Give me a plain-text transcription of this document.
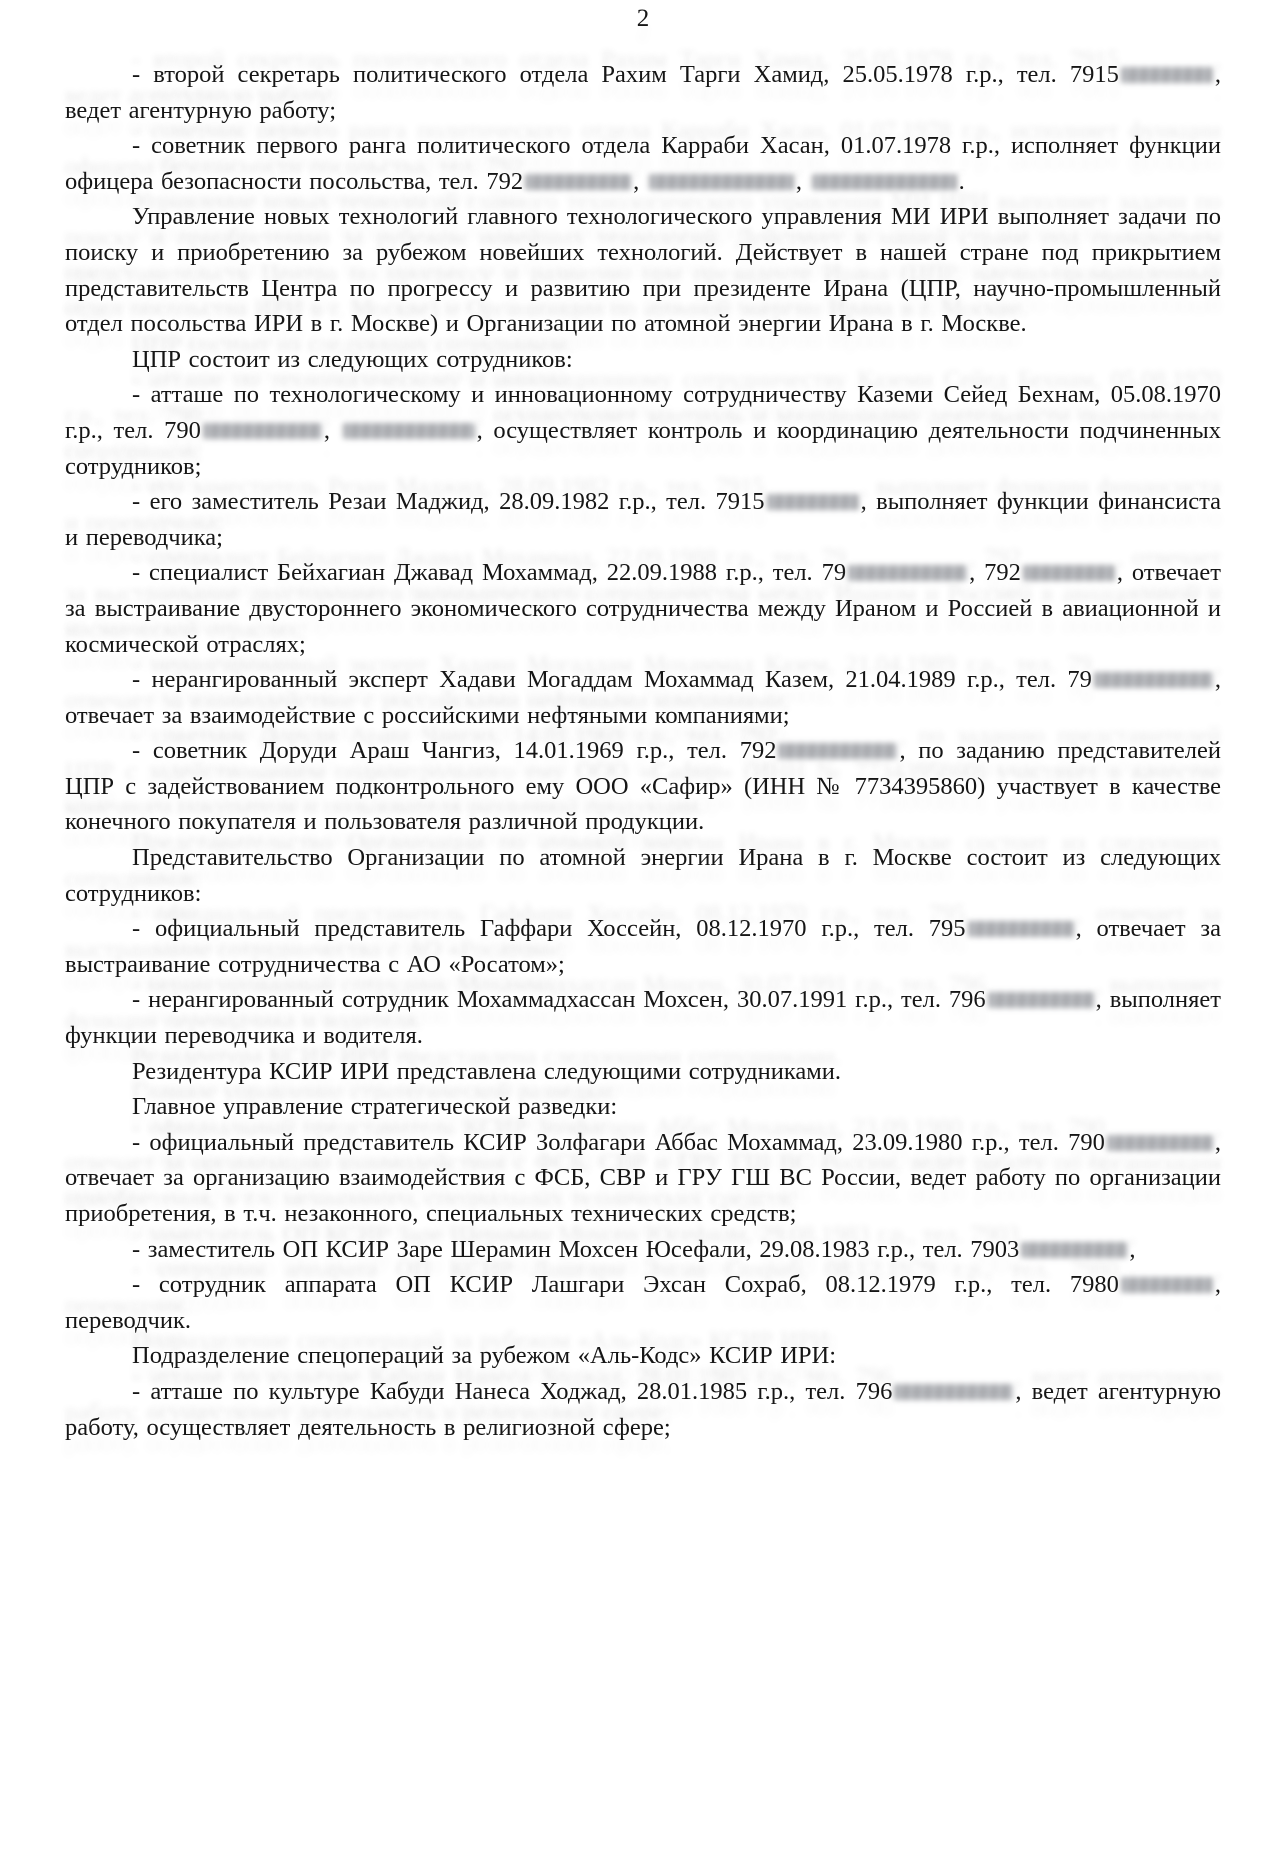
2

- второй секретарь политического отдела Рахим Тарги Хамид, 25.05.1978 г.р., тел. 7915	, ведет агентурную работу;

- советник первого ранга политического отдела Карраби Хасан, 01.07.1978 г.р., исполняет функции офицера безопасности посольства, тел. 792	,	,	.

Управление новых технологий главного технологического управления МИ ИРИ выполняет задачи по поиску и приобретению за рубежом новейших технологий. Действует в нашей стране под прикрытием представительств Центра по прогрессу и развитию при президенте Ирана (ЦПР, научно-промышленный отдел посольства ИРИ в г. Москве) и Организации по атомной энергии Ирана в г. Москве.

ЦПР состоит из следующих сотрудников:

- атташе по технологическому и инновационному сотрудничеству Каземи Сейед Бехнам, 05.08.1970 г.р., тел. 790	,	, осуществляет контроль и координацию деятельности подчиненных сотрудников;

- его заместитель Резаи Маджид, 28.09.1982 г.р., тел. 7915	, выполняет функции финансиста и переводчика;

- специалист Бейхагиан Джавад Мохаммад, 22.09.1988 г.р., тел. 79	, 792	, отвечает за выстраивание двустороннего экономического сотрудничества между Ираном и Россией в авиационной и космической отраслях;

- нерангированный эксперт Хадави Могаддам Мохаммад Казем, 21.04.1989 г.р., тел. 79	, отвечает за взаимодействие с российскими нефтяными компаниями;

- советник Доруди Араш Чангиз, 14.01.1969 г.р., тел. 792	, по заданию представителей ЦПР с задействованием подконтрольного ему ООО «Сафир» (ИНН № 7734395860) участвует в качестве конечного покупателя и пользователя различной продукции.

Представительство Организации по атомной энергии Ирана в г. Москве состоит из следующих сотрудников:

- официальный представитель Гаффари Хоссейн, 08.12.1970 г.р., тел. 795	, отвечает за выстраивание сотрудничества с АО «Росатом»;

- нерангированный сотрудник Мохаммадхассан Мохсен, 30.07.1991 г.р., тел. 796	, выполняет функции переводчика и водителя.

Резидентура КСИР ИРИ представлена следующими сотрудниками.

Главное управление стратегической разведки:

- официальный представитель КСИР Золфагари Аббас Мохаммад, 23.09.1980 г.р., тел. 790	, отвечает за организацию взаимодействия с ФСБ, СВР и ГРУ ГШ ВС России, ведет работу по организации приобретения, в т.ч. незаконного, специальных технических средств;

- заместитель ОП КСИР Заре Шерамин Мохсен Юсефали, 29.08.1983 г.р., тел. 7903	,

- сотрудник аппарата ОП КСИР Лашгари Эхсан Сохраб, 08.12.1979 г.р., тел. 7980	, переводчик.

Подразделение спецопераций за рубежом «Аль-Кодс» КСИР ИРИ:

- атташе по культуре Кабуди Нанеса Ходжад, 28.01.1985 г.р., тел. 796	, ведет агентурную работу, осуществляет деятельность в религиозной сфере;
